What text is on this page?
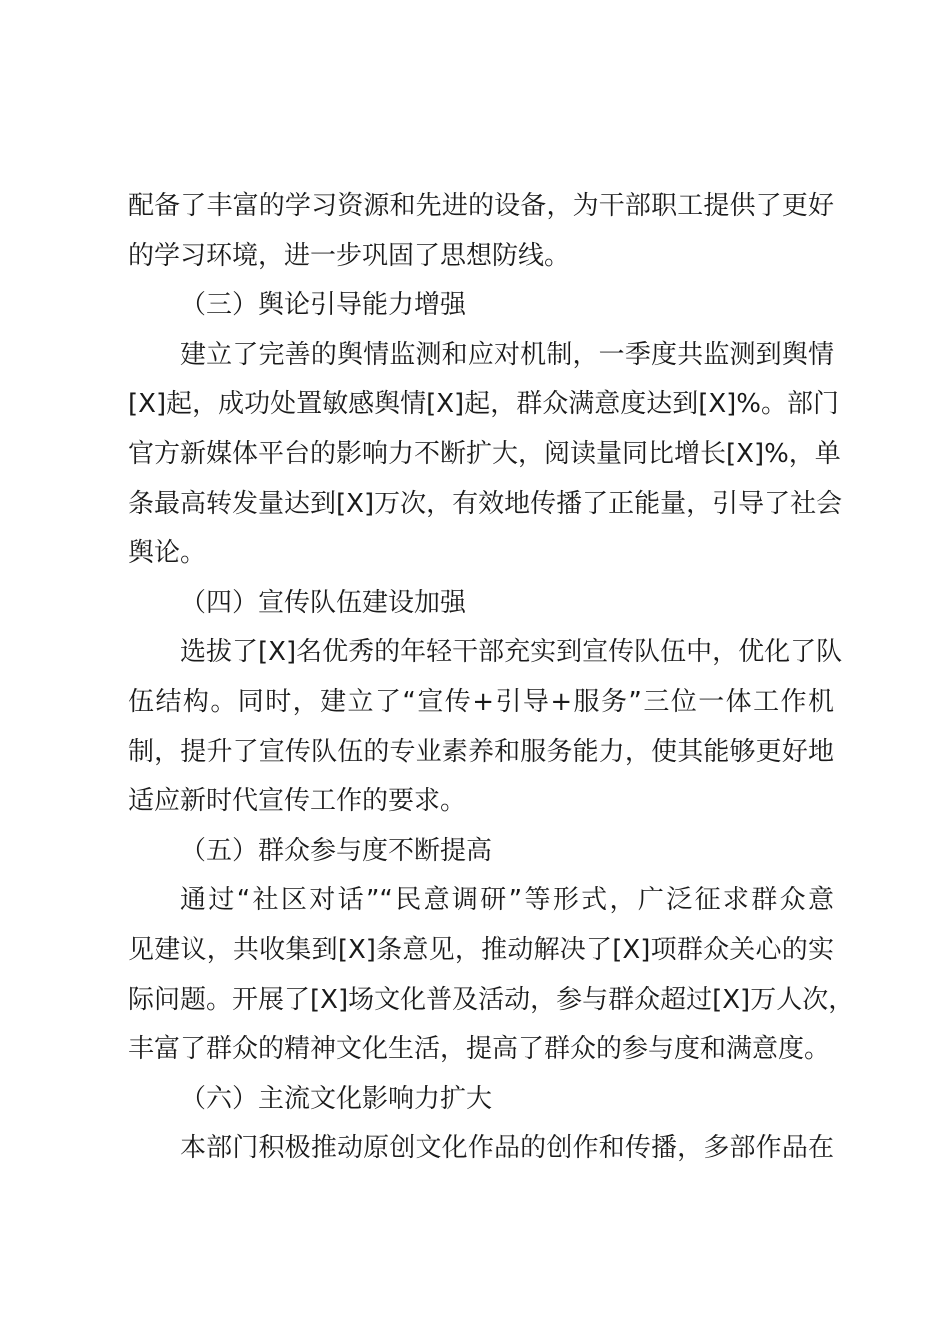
配备了丰富的学习资源和先进的设备，为干部职工提供了更好
的学习环境，进一步巩固了思想防线。
（三）舆论引导能力增强
建立了完善的舆情监测和应对机制，一季度共监测到舆情
[X]起，成功处置敏感舆情[X]起，群众满意度达到[X]%。部门
官方新媒体平台的影响力不断扩大，阅读量同比增长[X]%，单
条最高转发量达到[X]万次，有效地传播了正能量，引导了社会
舆论。
（四）宣传队伍建设加强
选拔了[X]名优秀的年轻干部充实到宣传队伍中，优化了队
伍结构。同时，建立了“宣传+引导+服务”三位一体工作机
制，提升了宣传队伍的专业素养和服务能力，使其能够更好地
适应新时代宣传工作的要求。
（五）群众参与度不断提高
通过“社区对话”“民意调研”等形式，广泛征求群众意
见建议，共收集到[X]条意见，推动解决了[X]项群众关心的实
际问题。开展了[X]场文化普及活动，参与群众超过[X]万人次，
丰富了群众的精神文化生活，提高了群众的参与度和满意度。
（六）主流文化影响力扩大
本部门积极推动原创文化作品的创作和传播，多部作品在
